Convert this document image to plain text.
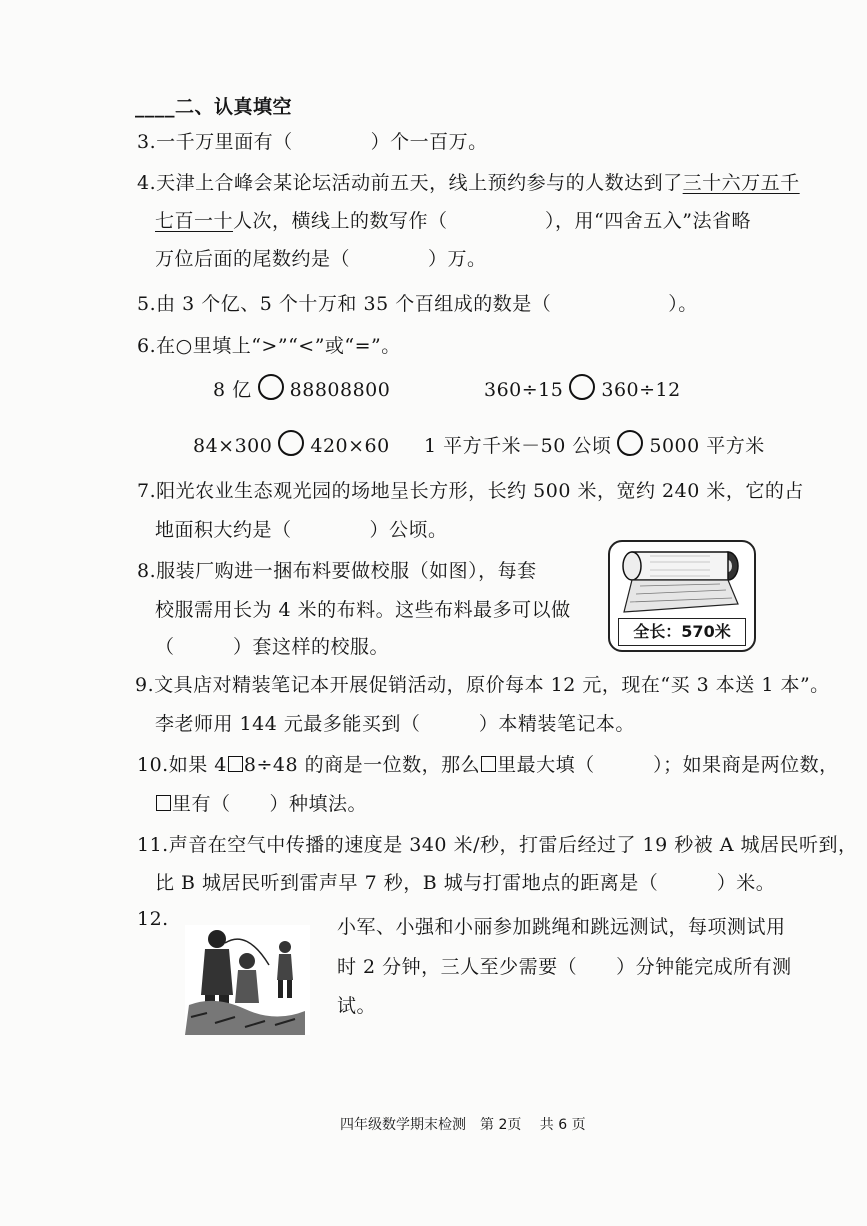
____二、认真填空
3.一千万里面有（　　　　）个一百万。
4.天津上合峰会某论坛活动前五天，线上预约参与的人数达到了三十六万五千
七百一十人次，横线上的数写作（　　　　　），用“四舍五入”法省略
万位后面的尾数约是（　　　　）万。
5.由 3 个亿、5 个十万和 35 个百组成的数是（　　　　　　）。
6.在○里填上“>”“<”或“=”。
8 亿 88808800	360÷15 360÷12
84×300 420×60 1 平方千米－50 公顷 5000 平方米
7.阳光农业生态观光园的场地呈长方形，长约 500 米，宽约 240 米，它的占
地面积大约是（　　　　）公顷。
8.服装厂购进一捆布料要做校服（如图），每套
校服需用长为 4 米的布料。这些布料最多可以做
（　　　）套这样的校服。
全长：570米
9.文具店对精装笔记本开展促销活动，原价每本 12 元，现在“买 3 本送 1 本”。
李老师用 144 元最多能买到（　　　）本精装笔记本。
10.如果 4 8÷48 的商是一位数，那么 里最大填（　　　）；如果商是两位数，
里有（　　）种填法。
11.声音在空气中传播的速度是 340 米/秒，打雷后经过了 19 秒被 A 城居民听到，
比 B 城居民听到雷声早 7 秒，B 城与打雷地点的距离是（　　　）米。
12.	小军、小强和小丽参加跳绳和跳远测试，每项测试用
时 2 分钟，三人至少需要（　　）分钟能完成所有测
试。
四年级数学期末检测　第 2页　 共 6 页
